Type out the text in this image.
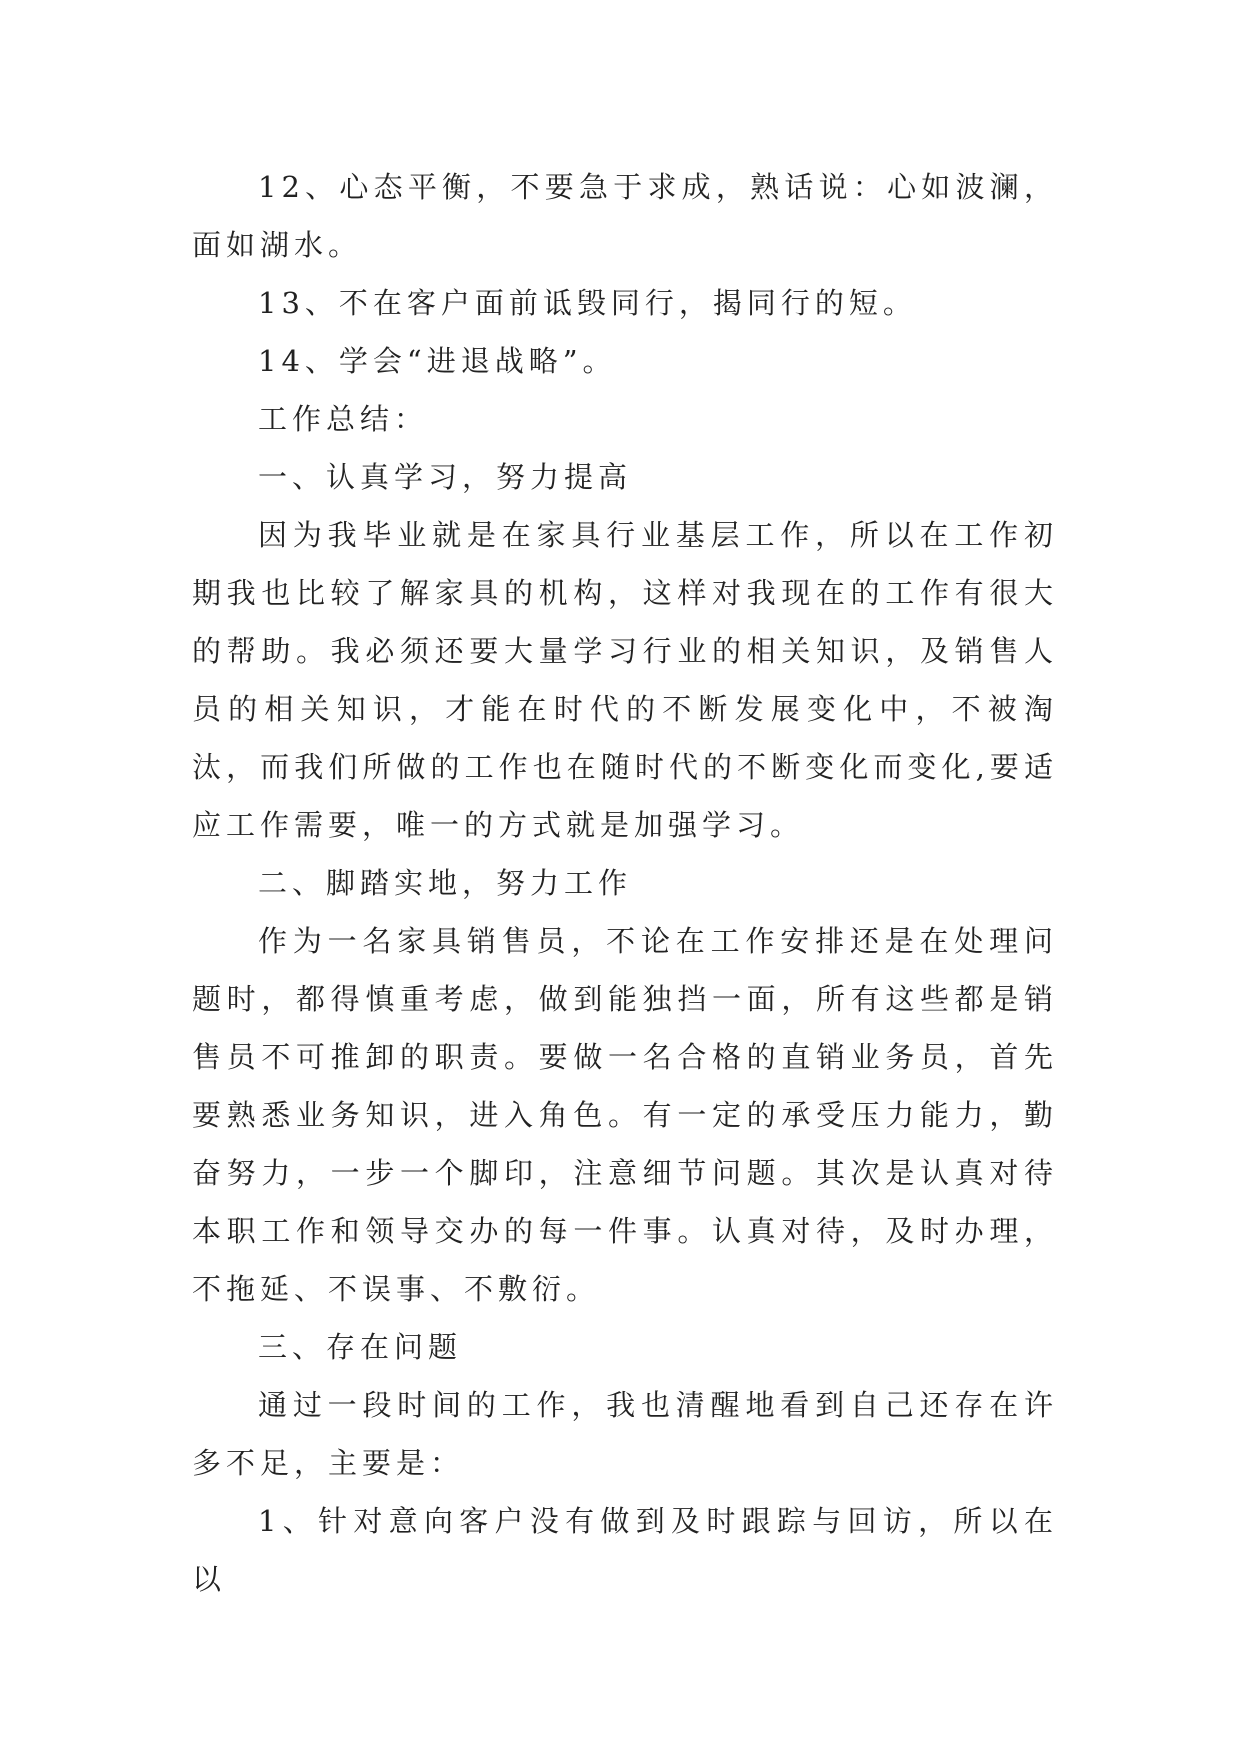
12、心态平衡，不要急于求成，熟话说：心如波澜，面如湖水。

13、不在客户面前诋毁同行，揭同行的短。

14、学会“进退战略”。

工作总结：

一、认真学习，努力提高

因为我毕业就是在家具行业基层工作，所以在工作初期我也比较了解家具的机构，这样对我现在的工作有很大的帮助。我必须还要大量学习行业的相关知识，及销售人员的相关知识，才能在时代的不断发展变化中，不被淘汰，而我们所做的工作也在随时代的不断变化而变化,要适应工作需要，唯一的方式就是加强学习。

二、脚踏实地，努力工作

作为一名家具销售员，不论在工作安排还是在处理问题时，都得慎重考虑，做到能独挡一面，所有这些都是销售员不可推卸的职责。要做一名合格的直销业务员，首先要熟悉业务知识，进入角色。有一定的承受压力能力，勤奋努力，一步一个脚印，注意细节问题。其次是认真对待本职工作和领导交办的每一件事。认真对待，及时办理，不拖延、不误事、不敷衍。

三、存在问题

通过一段时间的工作，我也清醒地看到自己还存在许多不足，主要是：

1、针对意向客户没有做到及时跟踪与回访，所以在以
